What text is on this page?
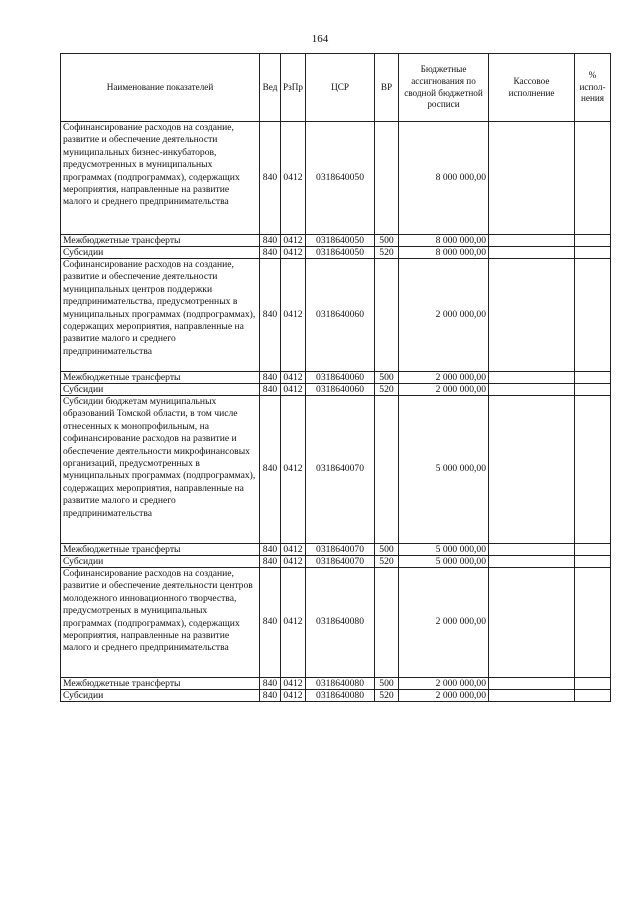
164
Наименование показателей	Вед	РзПр	ЦСР	ВР	Бюджетные ассигнования по сводной бюджетной росписи	Кассовое исполнение	% испол-нения
Софинансирование расходов на создание, развитие и обеспечение деятельности муниципальных бизнес-инкубаторов, предусмотренных в муниципальных программах (подпрограммах), содержащих мероприятия, направленные на развитие малого и среднего предпринимательства	840	0412	0318640050		8 000 000,00		
Межбюджетные трансферты	840	0412	0318640050	500	8 000 000,00		
Субсидии	840	0412	0318640050	520	8 000 000,00		
Софинансирование расходов на создание, развитие и обеспечение деятельности муниципальных центров поддержки предпринимательства, предусмотренных в муниципальных программах (подпрограммах), содержащих мероприятия, направленные на развитие малого и среднего предпринимательства	840	0412	0318640060		2 000 000,00		
Межбюджетные трансферты	840	0412	0318640060	500	2 000 000,00		
Субсидии	840	0412	0318640060	520	2 000 000,00		
Субсидии бюджетам муниципальных образований Томской области, в том числе отнесенных к монопрофильным, на софинансирование расходов на развитие и обеспечение деятельности микрофинансовых организаций, предусмотренных в муниципальных программах (подпрограммах), содержащих мероприятия, направленные на развитие малого и среднего предпринимательства	840	0412	0318640070		5 000 000,00		
Межбюджетные трансферты	840	0412	0318640070	500	5 000 000,00		
Субсидии	840	0412	0318640070	520	5 000 000,00		
Софинансирование расходов на создание, развитие и обеспечение деятельности центров молодежного инновационного творчества, предусмотреных в муниципальных программах (подпрограммах), содержащих мероприятия, направленные на развитие малого и среднего предпринимательства	840	0412	0318640080		2 000 000,00		
Межбюджетные трансферты	840	0412	0318640080	500	2 000 000,00		
Субсидии	840	0412	0318640080	520	2 000 000,00		
